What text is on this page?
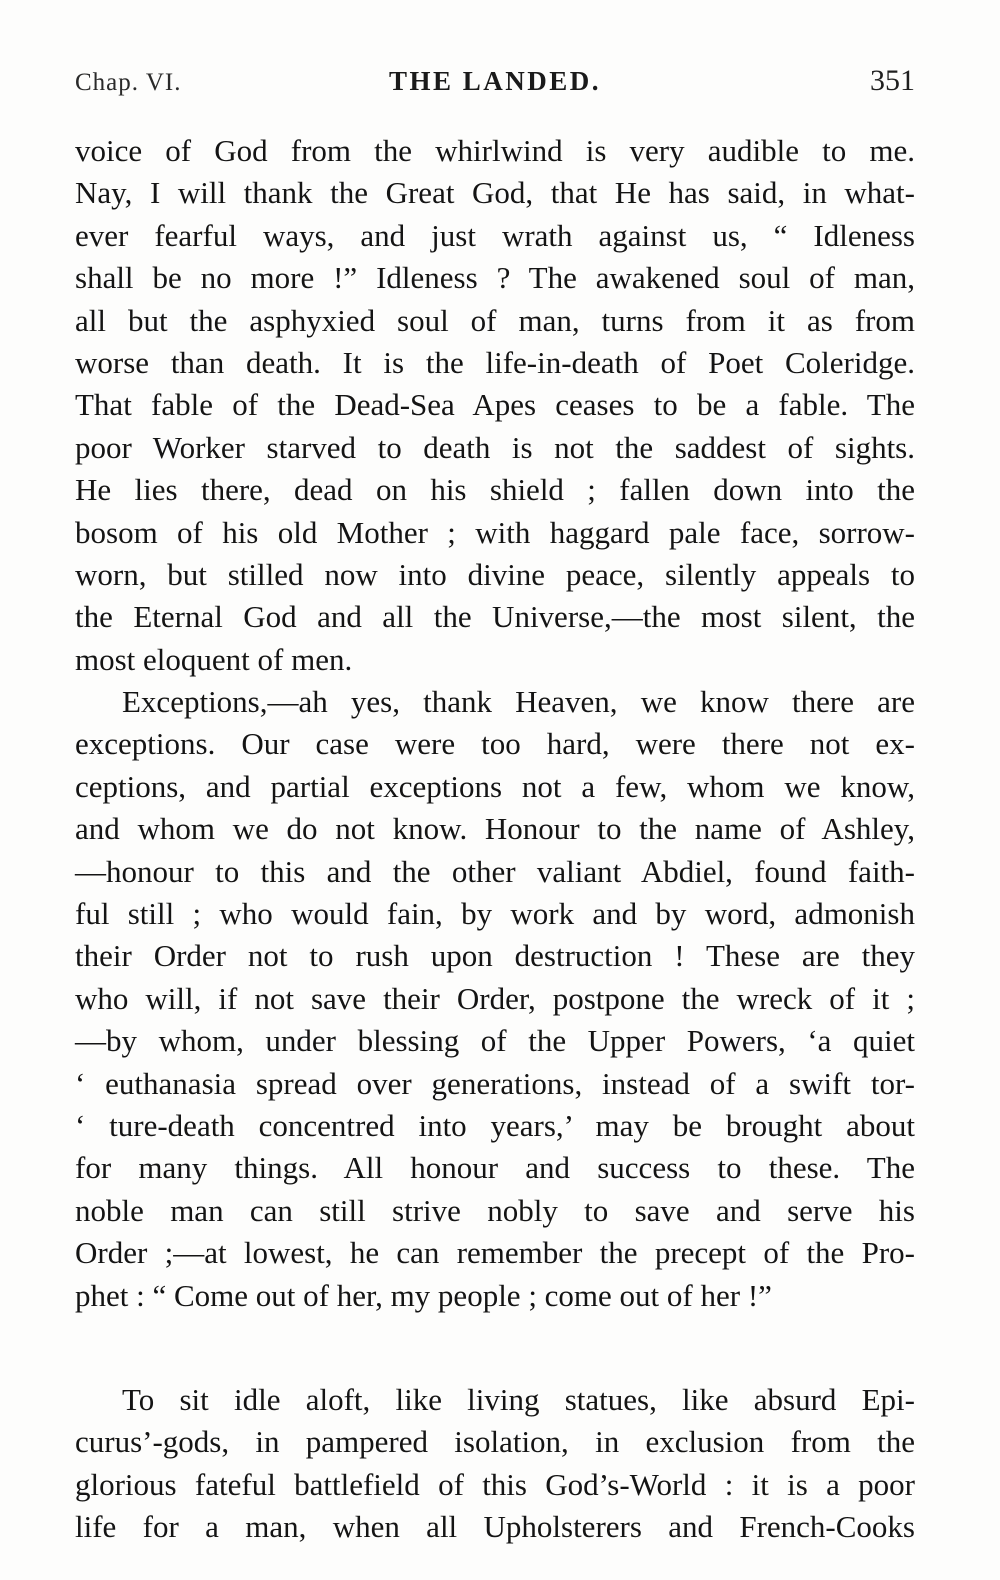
Chap. VI.	THE LANDED.	351
voice of God from the whirlwind is very audible to me.
Nay, I will thank the Great God, that He has said, in what-
ever fearful ways, and just wrath against us, “ Idleness
shall be no more !” Idleness ? The awakened soul of man,
all but the asphyxied soul of man, turns from it as from
worse than death. It is the life-in-death of Poet Coleridge.
That fable of the Dead-Sea Apes ceases to be a fable. The
poor Worker starved to death is not the saddest of sights.
He lies there, dead on his shield ; fallen down into the
bosom of his old Mother ; with haggard pale face, sorrow-
worn, but stilled now into divine peace, silently appeals to
the Eternal God and all the Universe,—the most silent, the
most eloquent of men.
Exceptions,—ah yes, thank Heaven, we know there are
exceptions. Our case were too hard, were there not ex-
ceptions, and partial exceptions not a few, whom we know,
and whom we do not know. Honour to the name of Ashley,
—honour to this and the other valiant Abdiel, found faith-
ful still ; who would fain, by work and by word, admonish
their Order not to rush upon destruction ! These are they
who will, if not save their Order, postpone the wreck of it ;
—by whom, under blessing of the Upper Powers, ‘a quiet
‘ euthanasia spread over generations, instead of a swift tor-
‘ ture-death concentred into years,’ may be brought about
for many things. All honour and success to these. The
noble man can still strive nobly to save and serve his
Order ;—at lowest, he can remember the precept of the Pro-
phet : “ Come out of her, my people ; come out of her !”
To sit idle aloft, like living statues, like absurd Epi-
curus’-gods, in pampered isolation, in exclusion from the
glorious fateful battlefield of this God’s-World : it is a poor
life for a man, when all Upholsterers and French-Cooks
